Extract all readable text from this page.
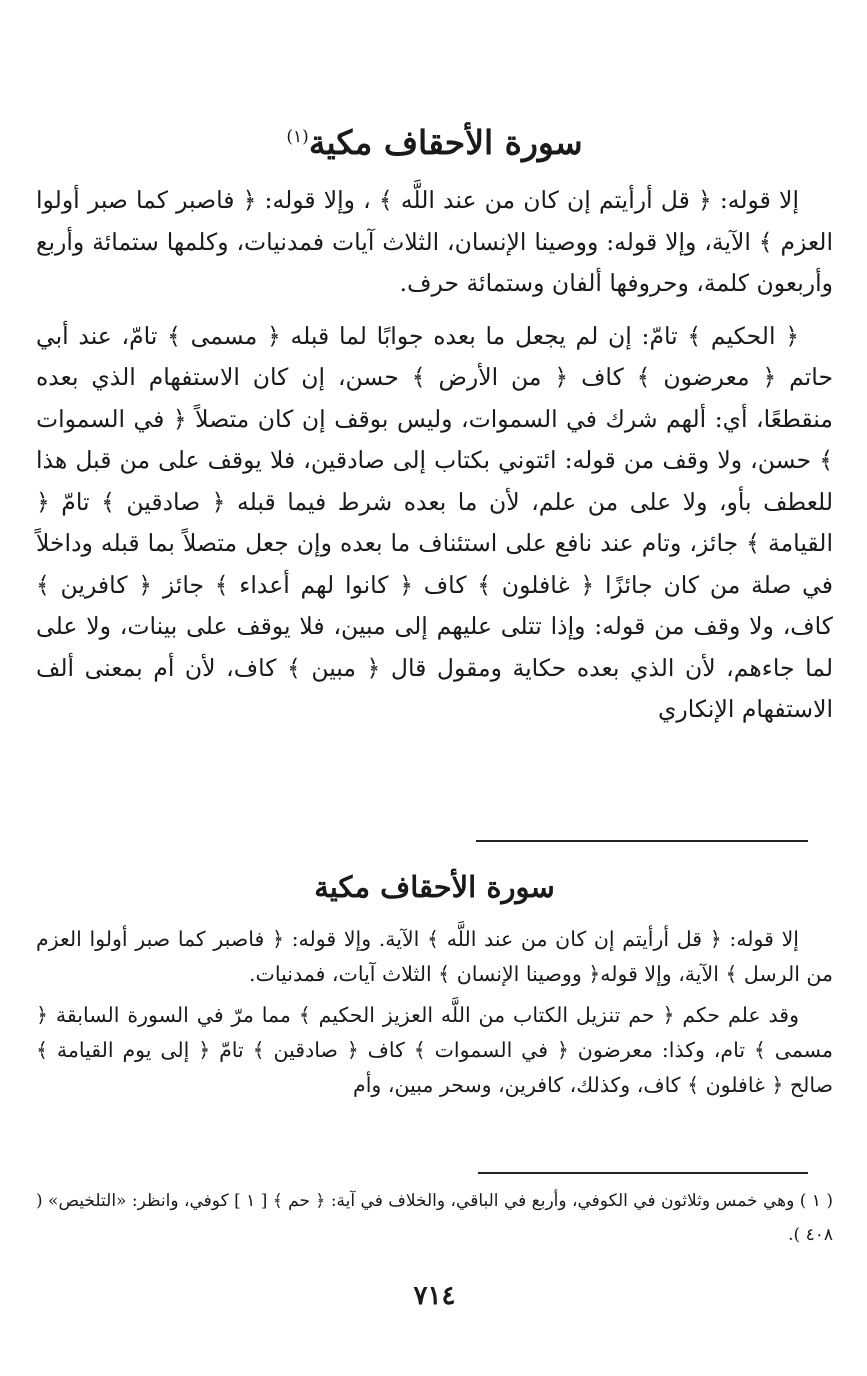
سورة الأحقاف مكية$^{(١)}$

إلا قوله: ﴿ قل أرأيتم إن كان من عند اللَّه ﴾ ، وإلا قوله: ﴿ فاصبر كما صبر أولوا العزم ﴾ الآية، وإلا قوله: ووصينا الإنسان، الثلاث آيات فمدنيات، وكلمها ستمائة وأربع وأربعون كلمة، وحروفها ألفان وستمائة حرف.

﴿ الحكيم ﴾ تامّ: إن لم يجعل ما بعده جوابًا لما قبله ﴿ مسمى ﴾ تامّ، عند أبي حاتم ﴿ معرضون ﴾ كاف ﴿ من الأرض ﴾ حسن، إن كان الاستفهام الذي بعده منقطعًا، أي: ألهم شرك في السموات، وليس بوقف إن كان متصلاً ﴿ في السموات ﴾ حسن، ولا وقف من قوله: ائتوني بكتاب إلى صادقين، فلا يوقف على من قبل هذا للعطف بأو، ولا على من علم، لأن ما بعده شرط فيما قبله ﴿ صادقين ﴾ تامّ ﴿ القيامة ﴾ جائز، وتام عند نافع على استئناف ما بعده وإن جعل متصلاً بما قبله وداخلاً في صلة من كان جائزًا ﴿ غافلون ﴾ كاف ﴿ كانوا لهم أعداء ﴾ جائز ﴿ كافرين ﴾ كاف، ولا وقف من قوله: وإذا تتلى عليهم إلى مبين، فلا يوقف على بينات، ولا على لما جاءهم، لأن الذي بعده حكاية ومقول قال ﴿ مبين ﴾ كاف، لأن أم بمعنى ألف الاستفهام الإنكاري

سورة الأحقاف مكية

إلا قوله: ﴿ قل أرأيتم إن كان من عند اللَّه ﴾ الآية. وإلا قوله: ﴿ فاصبر كما صبر أولوا العزم من الرسل ﴾ الآية، وإلا قوله﴿ ووصينا الإنسان ﴾ الثلاث آيات، فمدنيات.

وقد علم حكم ﴿ حم تنزيل الكتاب من اللَّه العزيز الحكيم ﴾ مما مرّ في السورة السابقة ﴿ مسمى ﴾ تام، وكذا: معرضون ﴿ في السموات ﴾ كاف ﴿ صادقين ﴾ تامّ ﴿ إلى يوم القيامة ﴾ صالح ﴿ غافلون ﴾ كاف، وكذلك، كافرين، وسحر مبين، وأم

( ١ ) وهي خمس وثلاثون في الكوفي، وأربع في الباقي، والخلاف في آية: ﴿ حم ﴾ [ ١ ] كوفي، وانظر: «التلخيص» ( ٤٠٨ ).

٧١٤
